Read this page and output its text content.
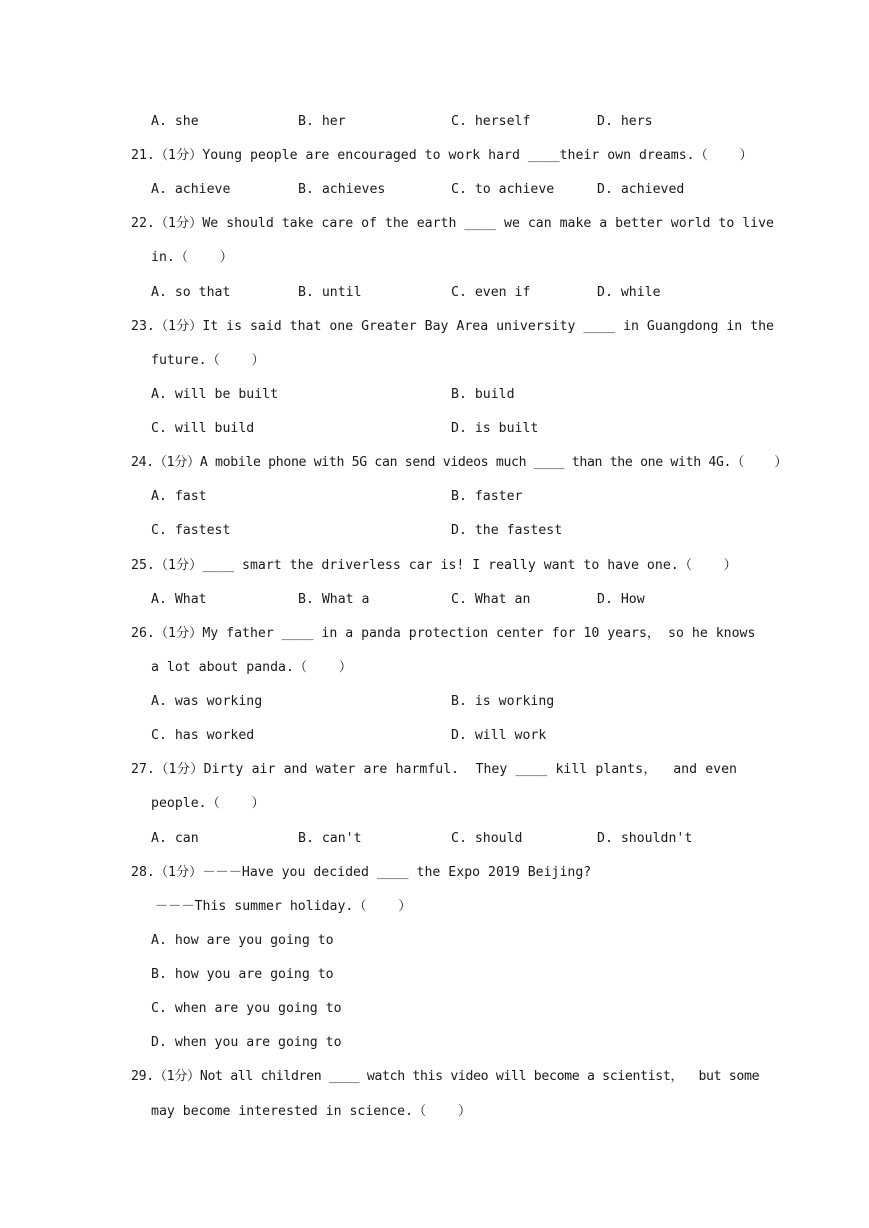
A. she	B. her	C. herself	D. hers
21.（1分）Young people are encouraged to work hard ____their own dreams.（    ）
A. achieve	B. achieves	C. to achieve	D. achieved
22.（1分）We should take care of the earth ____ we can make a better world to live
in.（    ）
A. so that	B. until	C. even if	D. while
23.（1分）It is said that one Greater Bay Area university ____ in Guangdong in the
future.（    ）
A. will be built	B. build
C. will build	D. is built
24.（1分）A mobile phone with 5G can send videos much ____ than the one with 4G.（    ）
A. fast	B. faster
C. fastest	D. the fastest
25.（1分）____ smart the driverless car is! I really want to have one.（    ）
A. What	B. What a	C. What an	D. How
26.（1分）My father ____ in a panda protection center for 10 years， so he knows
a lot about panda.（    ）
A. was working	B. is working
C. has worked	D. will work
27.（1分）Dirty air and water are harmful.  They ____ kill plants，  and even
people.（    ）
A. can	B. can't	C. should	D. shouldn't
28.（1分）－－－Have you decided ____ the Expo 2019 Beijing?
－－－This summer holiday.（    ）
A. how are you going to
B. how you are going to
C. when are you going to
D. when you are going to
29.（1分）Not all children ____ watch this video will become a scientist，  but some
may become interested in science.（    ）
